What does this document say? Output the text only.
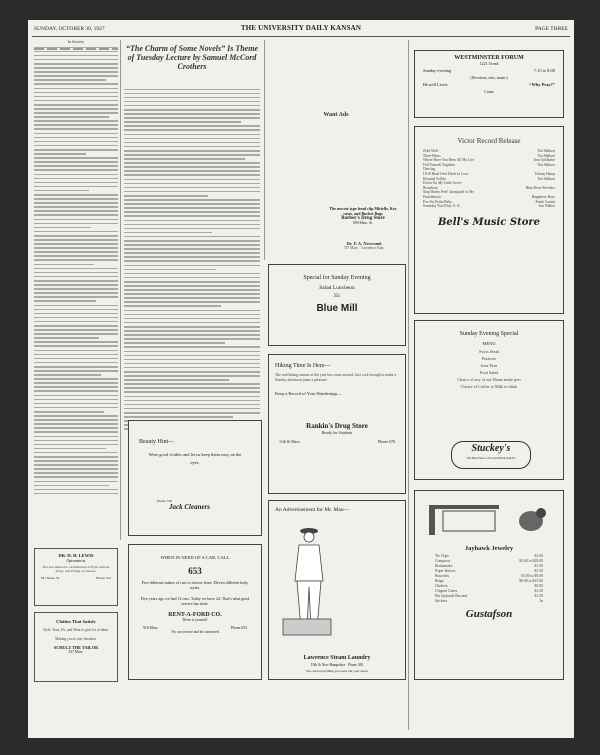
SUNDAY, OCTOBER 30, 1927	THE UNIVERSITY DAILY KANSAN	PAGE THREE
In Society
“The Charm of Some Novels” Is Theme of Tuesday Lecture by Samuel McCord Crothers
Want Ads
Dr. F. A. Newcomb
737 Mass. Lawrence, Kan.
The newest type head clip Mittelle, Key cases, and Bucket Bags
Barber's Drug Store
809 Mass. St.
WESTMINSTER FORUM
1221 Oread
Sunday evening	7:15 to 8:00
(Devotion, eats, music)
Howell Lewis	“Why Pray?”
Come
Victor Record Release
Zeke Wolf	Nat Shilkret
Three Blues	Nat Shilkret
Where Have You Been All My Life	Jean Goldkette
Fall Yourself Together	Nat Shilkret
Dancing
I Fell Head Over Heels in Love	Johnny Hamp
Hospital Follies	Nat Shilkret
Down On My Little Grove
Broadway	Blue River Revelers
Stop Honey Feet! Jazzupatol to Me
Pastafabiola	Happiness Boys
Fox Six Petite Baby	Frank Crumit
Someday You'll Say O. K.	Jim Walker
Bell's Music Store
Special for Sunday Evening
Salad Luncheon
35c
Blue Mill
Sunday Evening Special
MENU
Swiss Steak
Potatoes
June Peas
Fruit Salad
Choice of any of our Home made pies
Choice of Coffee or Milk to drink
Stuckey's
The Best Place to Eat and Drink with Us
Hiking Time Is Here—
The real hiking season of the year has come around. Just cool enough to make a Sunday afternoon jaunt a pleasure.
Keep a Record of Your Wanderings—
Rankin's Drug Store
Ready for Students
11th & Mass.	Phone 678
Beauty Hint—
Wear good clothes and let us keep them easy on the eyes.
Phone 758
Jack Cleaners	An Advertisement for Mr. Man—
Lawrence Steam Laundry
10th & New Hampshire Phone 383
We clean everything you wear but your shoes
Jayhawk Jewelry
Tie Clips	$1.00
Compacts	$3.00 to $20.00
Bookmarks	$1.50
Paper Knives	$1.50
Bracelets	$3.00 to $9.00
Rings	$9.00 to $15.00
Chokers	$5.00
Clipped Canes	$1.50
Pin Jayhawk Bar and	$1.50
Stickers	In
Gustafson
WHEN IN NEED OF A CAR, CALL
653
Five different makes of cars to choose from. Eleven different body styles.
Five years ago we had 12 cars. Today we have 24. That's what good service has done.
RENT-A-FORD CO.
Drive it yourself
916 Mass.	Phone 653
Try our service and be convinced
DR. H. H. LEWIS
Optometrist
Practice limited to examination of Eyes without drugs, and Fitting of Glasses.
811 Mass. St.	Phone 312
Clothes That Satisfy
Style, Tone, Fit, and Wear to give lot of them.
Making you to stay business.
SCHULZ THE TAILOR
917 Mass.
